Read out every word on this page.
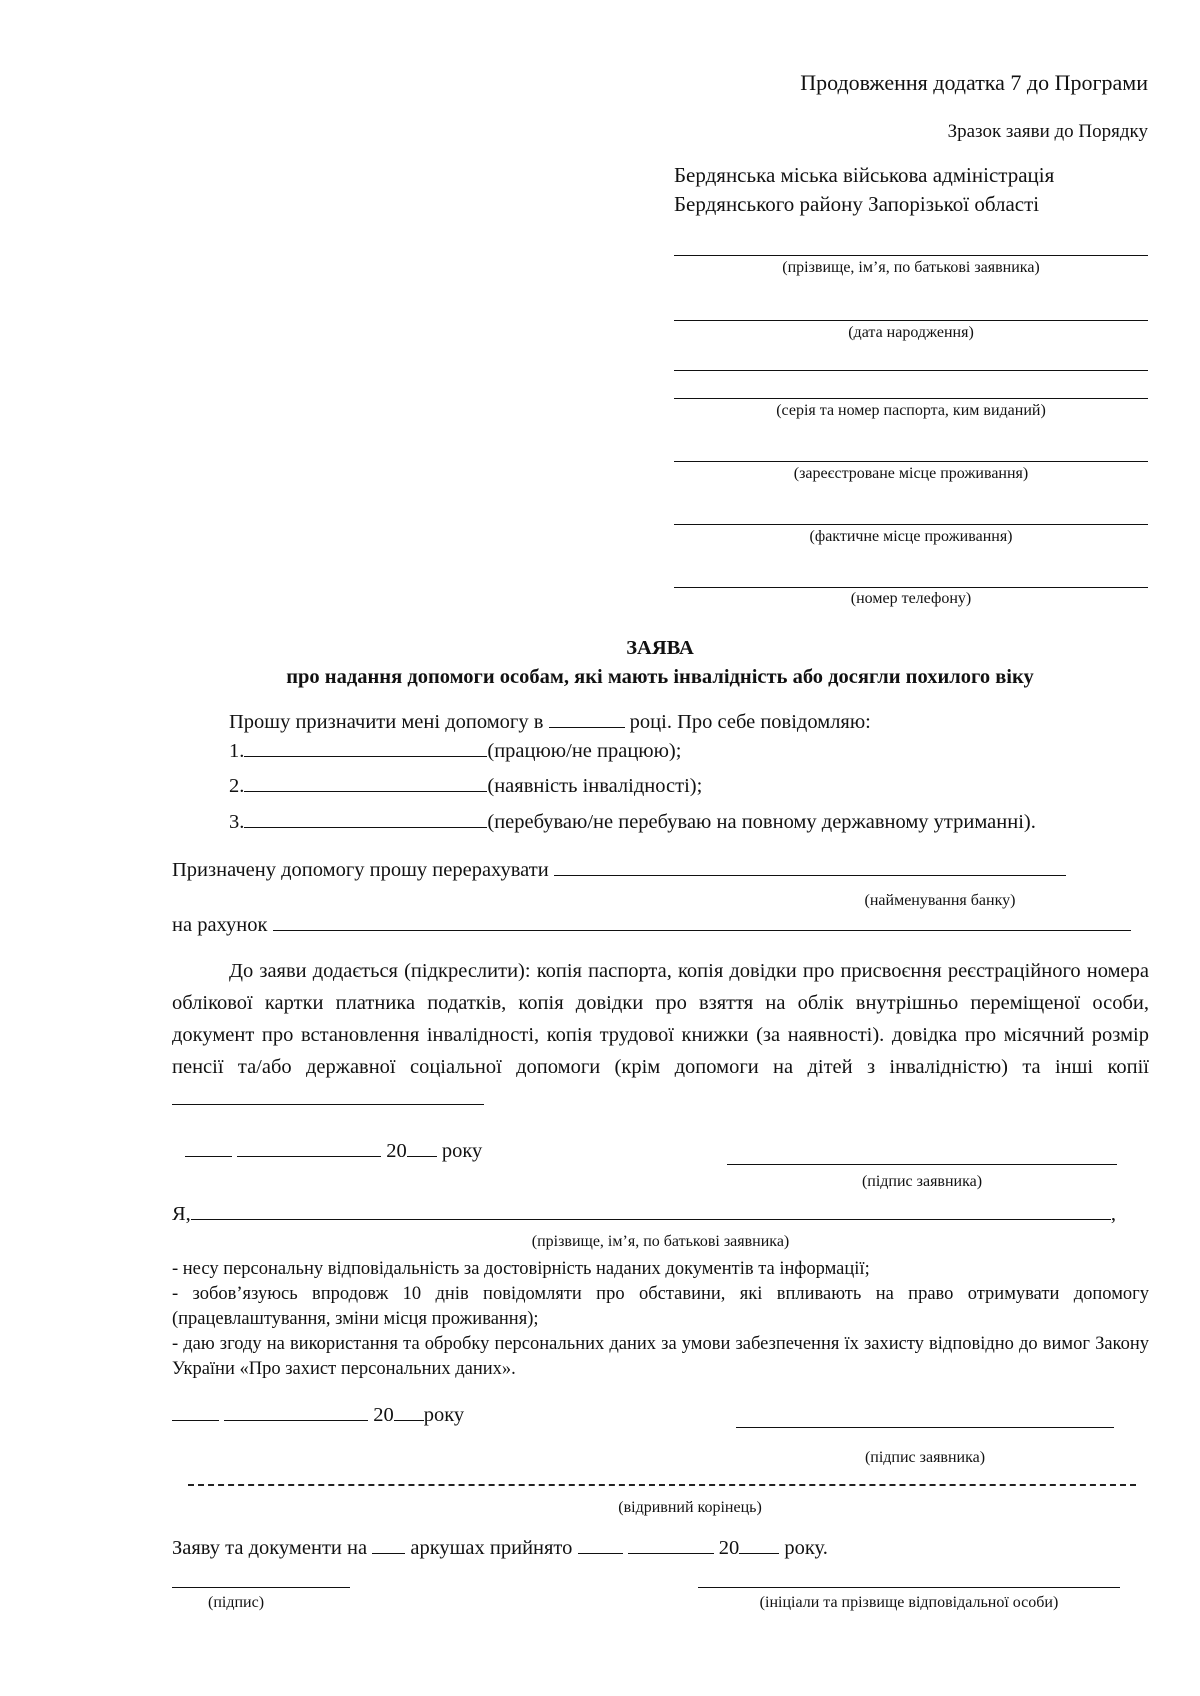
Продовження додатка 7 до Програми
Зразок заяви до Порядку
Бердянська міська військова адміністрація
Бердянського району Запорізької області
(прізвище, ім’я, по батькові заявника)
(дата народження)
(серія та номер паспорта, ким виданий)
(зареєстроване місце проживання)
(фактичне місце проживання)
(номер телефону)
ЗАЯВА
про надання допомоги особам, які мають інвалідність або досягли похилого віку
Прошу призначити мені допомогу в	році. Про себе повідомляю:
1.	(працюю/не працюю);
2.	(наявність інвалідності);
3.	(перебуваю/не перебуваю на повному державному утриманні).
Призначену допомогу прошу перерахувати
(найменування банку)
на рахунок
До заяви додається (підкреслити): копія паспорта, копія довідки про присвоєння реєстраційного номера облікової картки платника податків, копія довідки про взяття на облік внутрішньо переміщеної особи, документ про встановлення інвалідності, копія трудової книжки (за наявності). довідка про місячний розмір пенсії та/або державної соціальної допомоги (крім допомоги на дітей з інвалідністю) та інші копії
20 року
(підпис заявника)
Я,	,
(прізвище, ім’я, по батькові заявника)
- несу персональну відповідальність за достовірність наданих документів та інформації;
- зобов’язуюсь впродовж 10 днів повідомляти про обставини, які впливають на право отримувати допомогу (працевлаштування, зміни місця проживання);
- даю згоду на використання та обробку персональних даних за умови забезпечення їх захисту відповідно до вимог Закону України «Про захист персональних даних».
20 року
(підпис заявника)
(відривний корінець)
Заяву та документи на аркушах прийнято	20 року.
(підпис)	(ініціали та прізвище відповідальної особи)
